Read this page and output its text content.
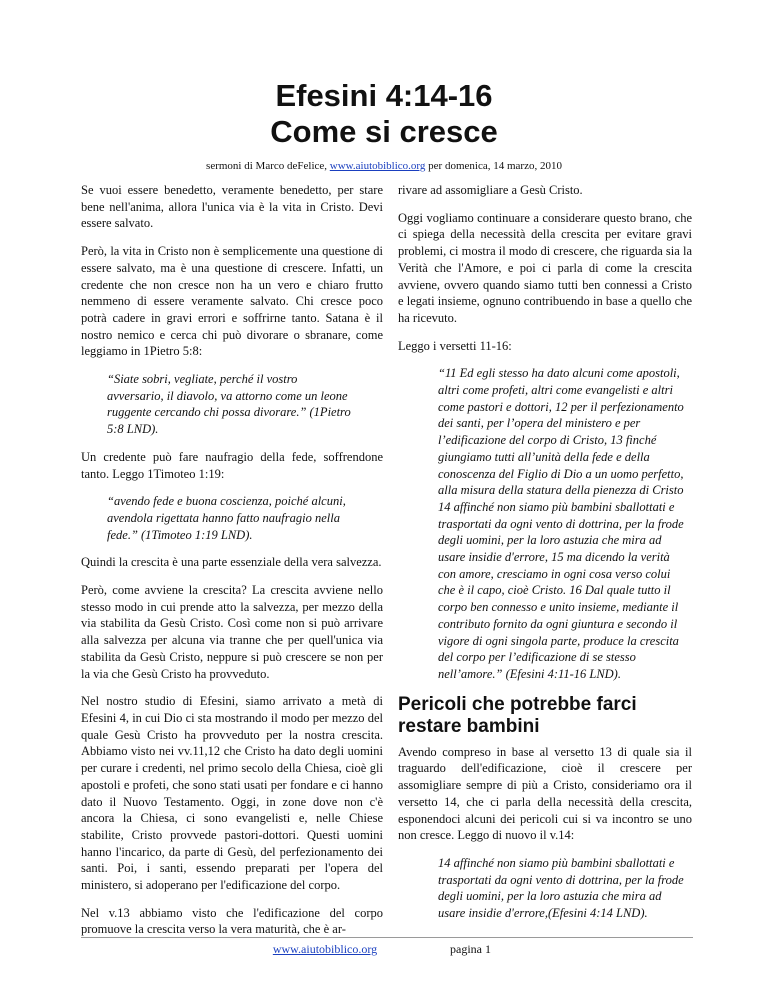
Efesini 4:14-16
Come si cresce
sermoni di Marco deFelice, www.aiutobiblico.org per domenica, 14 marzo, 2010

Se vuoi essere benedetto, veramente benedetto, per stare bene nell'anima, allora l'unica via è la vita in Cristo. Devi essere salvato.

Però, la vita in Cristo non è semplicemente una questione di essere salvato, ma è una questione di crescere. Infatti, un credente che non cresce non ha un vero e chiaro frutto nemmeno di essere veramente salvato. Chi cresce poco potrà cadere in gravi errori e soffrirne tanto. Satana è il nostro nemico e cerca chi può divorare o sbranare, come leggiamo in 1Pietro 5:8:

“Siate sobri, vegliate, perché il vostro avversario, il diavolo, va attorno come un leone ruggente cercando chi possa divorare.” (1Pietro 5:8 LND).

Un credente può fare naufragio della fede, soffrendone tanto. Leggo 1Timoteo 1:19:

“avendo fede e buona coscienza, poiché alcuni, avendola rigettata hanno fatto naufragio nella fede.” (1Timoteo 1:19 LND).

Quindi la crescita è una parte essenziale della vera salvezza.

Però, come avviene la crescita? La crescita avviene nello stesso modo in cui prende atto la salvezza, per mezzo della via stabilita da Gesù Cristo. Così come non si può arrivare alla salvezza per alcuna via tranne che per quell'unica via stabilita da Gesù Cristo, neppure si può crescere se non per la via che Gesù Cristo ha provveduto.

Nel nostro studio di Efesini, siamo arrivato a metà di Efesini 4, in cui Dio ci sta mostrando il modo per mezzo del quale Gesù Cristo ha provveduto per la nostra crescita. Abbiamo visto nei vv.11,12 che Cristo ha dato degli uomini per curare i credenti, nel primo secolo della Chiesa, cioè gli apostoli e profeti, che sono stati usati per fondare e ci hanno dato il Nuovo Testamento. Oggi, in zone dove non c'è ancora la Chiesa, ci sono evangelisti e, nelle Chiese stabilite, Cristo provvede pastori-dottori. Questi uomini hanno l'incarico, da parte di Gesù, del perfezionamento dei santi. Poi, i santi, essendo preparati per l'opera del ministero, si adoperano per l'edificazione del corpo.

Nel v.13 abbiamo visto che l'edificazione del corpo promuove la crescita verso la vera maturità, che è ar-

rivare ad assomigliare a Gesù Cristo.

Oggi vogliamo continuare a considerare questo brano, che ci spiega della necessità della crescita per evitare gravi problemi, ci mostra il modo di crescere, che riguarda sia la Verità che l'Amore, e poi ci parla di come la crescita avviene, ovvero quando siamo tutti ben connessi a Cristo e legati insieme, ognuno contribuendo in base a quello che ha ricevuto.

Leggo i versetti 11-16:

“11 Ed egli stesso ha dato alcuni come apostoli, altri come profeti, altri come evangelisti e altri come pastori e dottori, 12 per il perfezionamento dei santi, per l’opera del ministero e per l’edificazione del corpo di Cristo, 13 finché giungiamo tutti all’unità della fede e della conoscenza del Figlio di Dio a un uomo perfetto, alla misura della statura della pienezza di Cristo 14 affinché non siamo più bambini sballottati e trasportati da ogni vento di dottrina, per la frode degli uomini, per la loro astuzia che mira ad usare insidie d'errore, 15 ma dicendo la verità con amore, cresciamo in ogni cosa verso colui che è il capo, cioè Cristo. 16 Dal quale tutto il corpo ben connesso e unito insieme, mediante il contributo fornito da ogni giuntura e secondo il vigore di ogni singola parte, produce la crescita del corpo per l’edificazione di se stesso nell’amore.” (Efesini 4:11-16 LND).
Pericoli che potrebbe farci restare bambini

Avendo compreso in base al versetto 13 di quale sia il traguardo dell'edificazione, cioè il crescere per assomigliare sempre di più a Cristo, consideriamo ora il versetto 14, che ci parla della necessità della crescita, esponendoci alcuni dei pericoli cui si va incontro se uno non cresce. Leggo di nuovo il v.14:

14 affinché non siamo più bambini sballottati e trasportati da ogni vento di dottrina, per la frode degli uomini, per la loro astuzia che mira ad usare insidie d'errore,(Efesini 4:14 LND).
www.aiutobiblico.org	pagina 1
